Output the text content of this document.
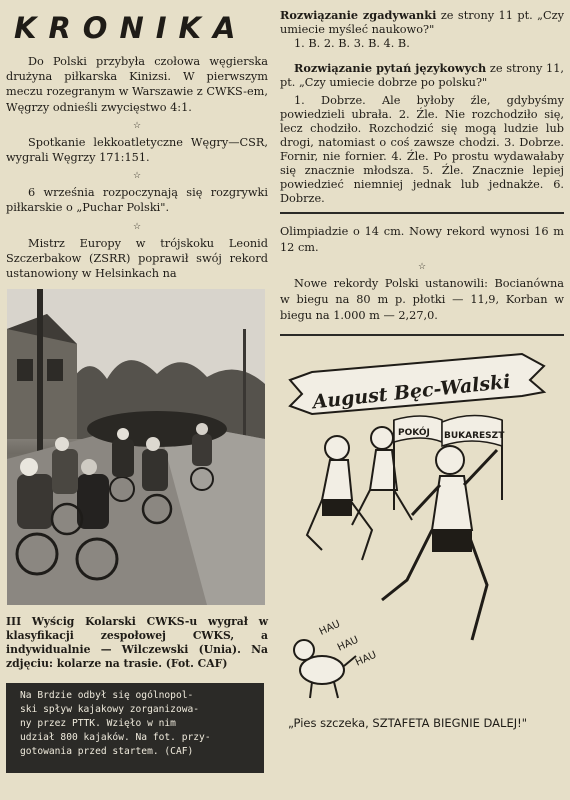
KRONIKA

Do Polski przybyła czołowa węgierska drużyna piłkarska Kinizsi. W pierwszym meczu rozegranym w Warszawie z CWKS-em, Węgrzy odnieśli zwycięstwo 4:1.

☆

Spotkanie lekkoatletyczne Węgry—CSR, wygrali Węgrzy 171:151.

☆

6 września rozpoczynają się rozgrywki piłkarskie o „Puchar Polski".

☆

Mistrz Europy w trójskoku Leonid Szczerbakow (ZSRR) poprawił swój rekord ustanowiony w Helsinkach na

III Wyścig Kolarski CWKS-u wygrał w klasyfikacji zespołowej CWKS, a indywidualnie — Wilczewski (Unia). Na zdjęciu: kolarze na trasie. (Fot. CAF)

Na Brdzie odbył się ogólnopol-
ski spływ kajakowy zorganizowa-
ny przez PTTK. Wzięło w nim
udział 800 kajaków. Na fot. przy-
gotowania przed startem. (CAF)

Rozwiązanie zgadywanki ze strony 11 pt. „Czy umiecie myśleć naukowo?"

1. B. 2. B. 3. B. 4. B.

Rozwiązanie pytań językowych ze strony 11, pt. „Czy umiecie dobrze po polsku?"

1. Dobrze. Ale byłoby źle, gdybyśmy powiedzieli ubrała. 2. Źle. Nie rozchodziło się, lecz chodziło. Rozchodzić się mogą ludzie lub drogi, natomiast o coś zawsze chodzi. 3. Dobrze. Fornir, nie fornier. 4. Źle. Po prostu wydawałaby się znacznie młodsza. 5. Źle. Znacznie lepiej powiedzieć niemniej jednak lub jednakże. 6. Dobrze.

Olimpiadzie o 14 cm. Nowy rekord wynosi 16 m 12 cm.

☆

Nowe rekordy Polski ustanowili: Bocianówna w biegu na 80 m p. płotki — 11,9, Korban w biegu na 1.000 m — 2,27,0.

August Bęc-Walski
POKÓJ BUKARESZT
HAU
HAU
HAU
„Pies szczeka, SZTAFETA BIEGNIE DALEJ!"
